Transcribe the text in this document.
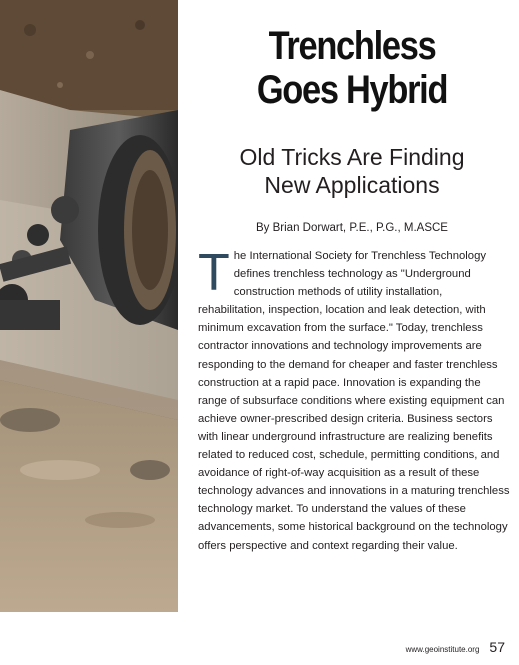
Trenchless
Goes Hybrid
Old Tricks Are Finding
New Applications
By Brian Dorwart, P.E., P.G., M.ASCE
T he International Society for Trenchless Technology defines trenchless technology as "Underground construction methods of utility installation, rehabilitation, inspection, location and leak detection, with minimum excavation from the surface." Today, trenchless contractor innovations and technology improvements are responding to the demand for cheaper and faster trenchless construction at a rapid pace. Innovation is expanding the range of subsurface conditions where existing equipment can achieve owner-prescribed design criteria. Business sectors with linear underground infrastructure are realizing benefits related to reduced cost, schedule, permitting conditions, and avoidance of right-of-way acquisition as a result of these technology advances and innovations in a maturing trenchless technology market. To understand the values of these advancements, some historical background on the technology offers perspective and context regarding their value.

www.geoinstitute.org 57
